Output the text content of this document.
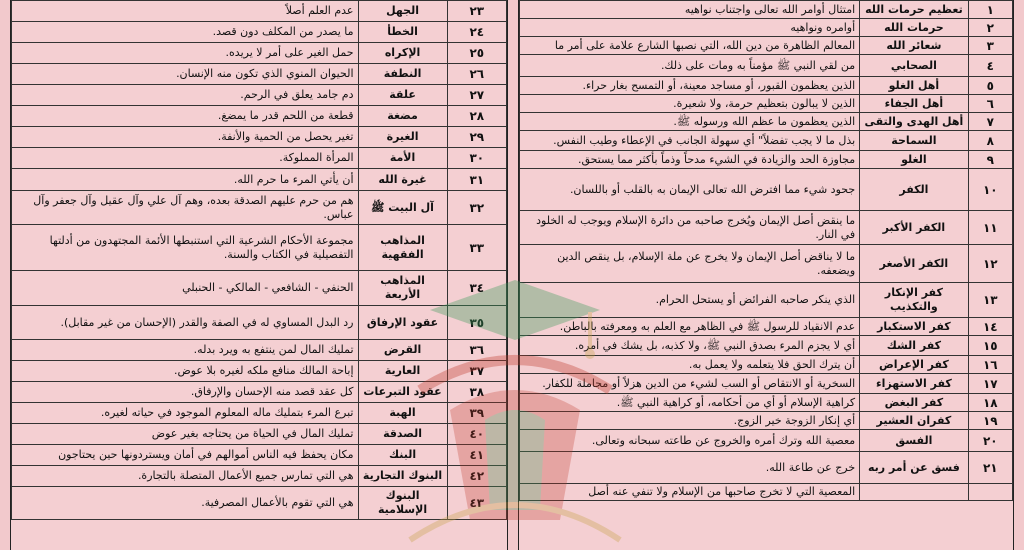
عدم العلم أصلاً	الجهل	٢٣
ما يصدر من المكلف دون قصد.	الخطأ	٢٤
حمل الغير على أمر لا يريده.	الإكراه	٢٥
الحيوان المنوي الذي تكون منه الإنسان.	النطفة	٢٦
دم جامد يعلق في الرحم.	علقة	٢٧
قطعة من اللحم قدر ما يمضغ.	مضغة	٢٨
تغير يحصل من الحمية والأنفة.	الغيرة	٢٩
المرأة المملوكة.	الأمة	٣٠
أن يأتي المرء ما حرم الله.	غيرة الله	٣١
هم من حرم عليهم الصدقة بعده، وهم آل علي وآل عقيل وآل جعفر وآل عباس.	آل البيت ﷺ	٣٢
مجموعة الأحكام الشرعية التي استنبطها الأئمة المجتهدون من أدلتها التفصيلية في الكتاب والسنة.	المذاهب الفقهية	٣٣
الحنفي - الشافعي - المالكي - الحنبلي	المذاهب الأربعة	٣٤
رد البدل المساوي له في الصفة والقدر (الإحسان من غير مقابل).	عقود الإرفاق	٣٥
تمليك المال لمن ينتفع به ويرد بدله.	القرض	٣٦
إباحة المالك منافع ملكه لغيره بلا عوض.	العارية	٣٧
كل عقد قصد منه الإحسان والإرفاق.	عقود التبرعات	٣٨
تبرع المرء بتمليك ماله المعلوم الموجود في حياته لغيره.	الهبة	٣٩
تمليك المال في الحياة من يحتاجه بغير عوض	الصدقة	٤٠
مكان يحفظ فيه الناس أموالهم في أمان ويستردونها حين يحتاجون	البنك	٤١
هي التي تمارس جميع الأعمال المتصلة بالتجارة.	البنوك التجارية	٤٢
هي التي تقوم بالأعمال المصرفية.	البنوك الإسلامية	٤٣
امتثال أوامر الله تعالى واجتناب نواهيه	تعظيم حرمات الله	١
أوامره ونواهيه	حرمات الله	٢
المعالم الظاهرة من دين الله، التي نصبها الشارع علامة على أمر ما	شعائر الله	٣
من لقي النبي ﷺ مؤمناً به ومات على ذلك.	الصحابي	٤
الذين يعظمون القبور، أو مساجد معينة، أو التمسح بغار حراء.	أهل الغلو	٥
الذين لا يبالون بتعظيم حرمة، ولا شعيرة.	أهل الجفاء	٦
الذين يعظمون ما عظم الله ورسوله ﷺ.	أهل الهدى والتقى	٧
بذل ما لا يجب تفضلاً" أي سهولة الجانب في الإعطاء وطيب النفس.	السماحة	٨
مجاوزة الحد والزيادة في الشيء مدحاً وذماً بأكثر مما يستحق.	الغلو	٩
جحود شيء مما افترض الله تعالى الإيمان به بالقلب أو باللسان.	الكفر	١٠
ما ينقض أصل الإيمان ويُخرج صاحبه من دائرة الإسلام ويوجب له الخلود في النار.	الكفر الأكبر	١١
ما لا يناقض أصل الإيمان ولا يخرج عن ملة الإسلام، بل ينقص الدين ويضعفه.	الكفر الأصغر	١٢
الذي ينكر صاحبه الفرائض أو يستحل الحرام.	كفر الإنكار والتكذيب	١٣
عدم الانقياد للرسول ﷺ في الظاهر مع العلم به ومعرفته بالباطن.	كفر الاستكبار	١٤
أي لا يجزم المرء بصدق النبي ﷺ، ولا كذبه، بل يشك في أمره.	كفر الشك	١٥
أن يترك الحق فلا يتعلمه ولا يعمل به.	كفر الإعراض	١٦
السخرية أو الانتقاص أو السب لشيء من الدين هزلاً أو مجاملة للكفار.	كفر الاستهزاء	١٧
كراهية الإسلام أو أي من أحكامه، أو كراهية النبي ﷺ.	كفر البغض	١٨
أي إنكار الزوجة خير الزوج.	كفران العشير	١٩
معصية الله وترك أمره والخروج عن طاعته سبحانه وتعالى.	الفسق	٢٠
خرج عن طاعة الله.	فسق عن أمر ربه	٢١
المعصية التي لا تخرج صاحبها من الإسلام ولا تنفي عنه أصل		
